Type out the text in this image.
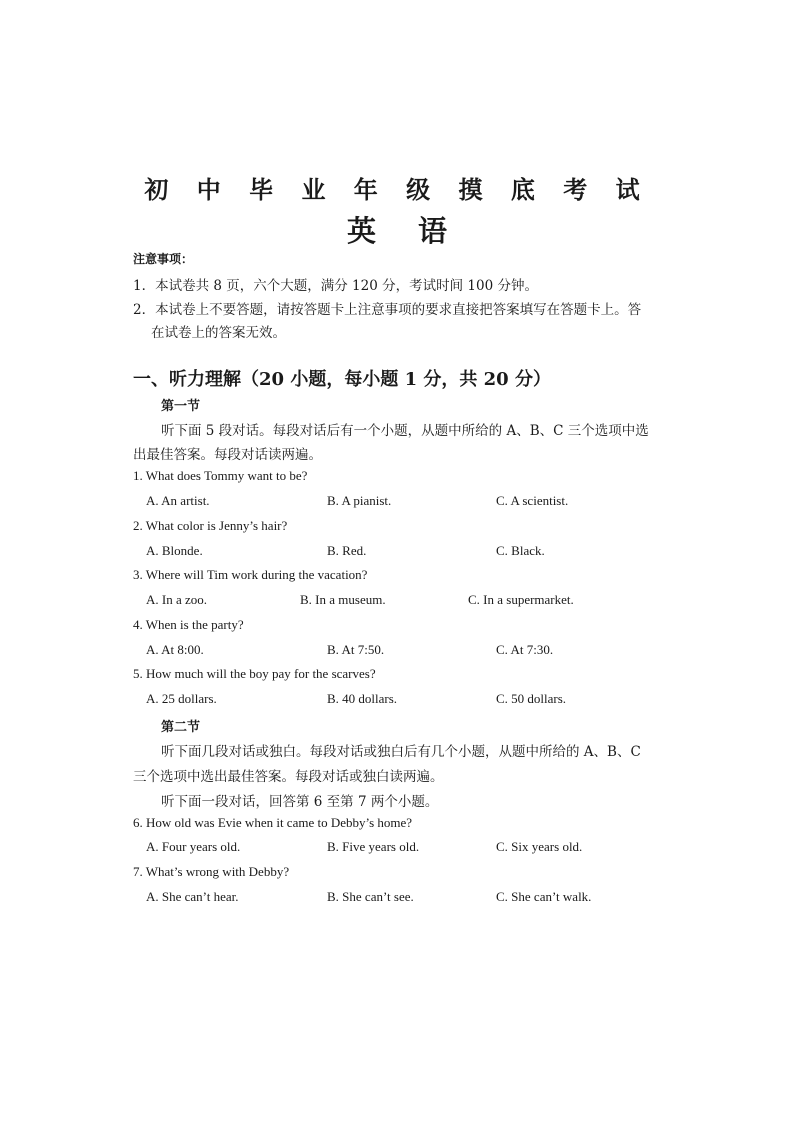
初 中 毕 业 年 级 摸 底 考 试
英语
注意事项：
1．本试卷共 8 页，六个大题，满分 120 分，考试时间 100 分钟。
2．本试卷上不要答题，请按答题卡上注意事项的要求直接把答案填写在答题卡上。答
在试卷上的答案无效。
一、听力理解（20 小题，每小题 1 分，共 20 分）
第一节
听下面 5 段对话。每段对话后有一个小题，从题中所给的 A、B、C 三个选项中选
出最佳答案。每段对话读两遍。
1. What does Tommy want to be?
A. An artist.	B. A pianist.	C. A scientist.
2. What color is Jenny’s hair?
A. Blonde.	B. Red.	C. Black.
3. Where will Tim work during the vacation?
A. In a zoo.	B. In a museum.	C. In a supermarket.
4. When is the party?
A. At 8:00.	B. At 7:50.	C. At 7:30.
5. How much will the boy pay for the scarves?
A. 25 dollars.	B. 40 dollars.	C. 50 dollars.
第二节
听下面几段对话或独白。每段对话或独白后有几个小题，从题中所给的 A、B、C
三个选项中选出最佳答案。每段对话或独白读两遍。
听下面一段对话，回答第 6 至第 7 两个小题。
6. How old was Evie when it came to Debby’s home?
A. Four years old.	B. Five years old.	C. Six years old.
7. What’s wrong with Debby?
A. She can’t hear.	B. She can’t see.	C. She can’t walk.
